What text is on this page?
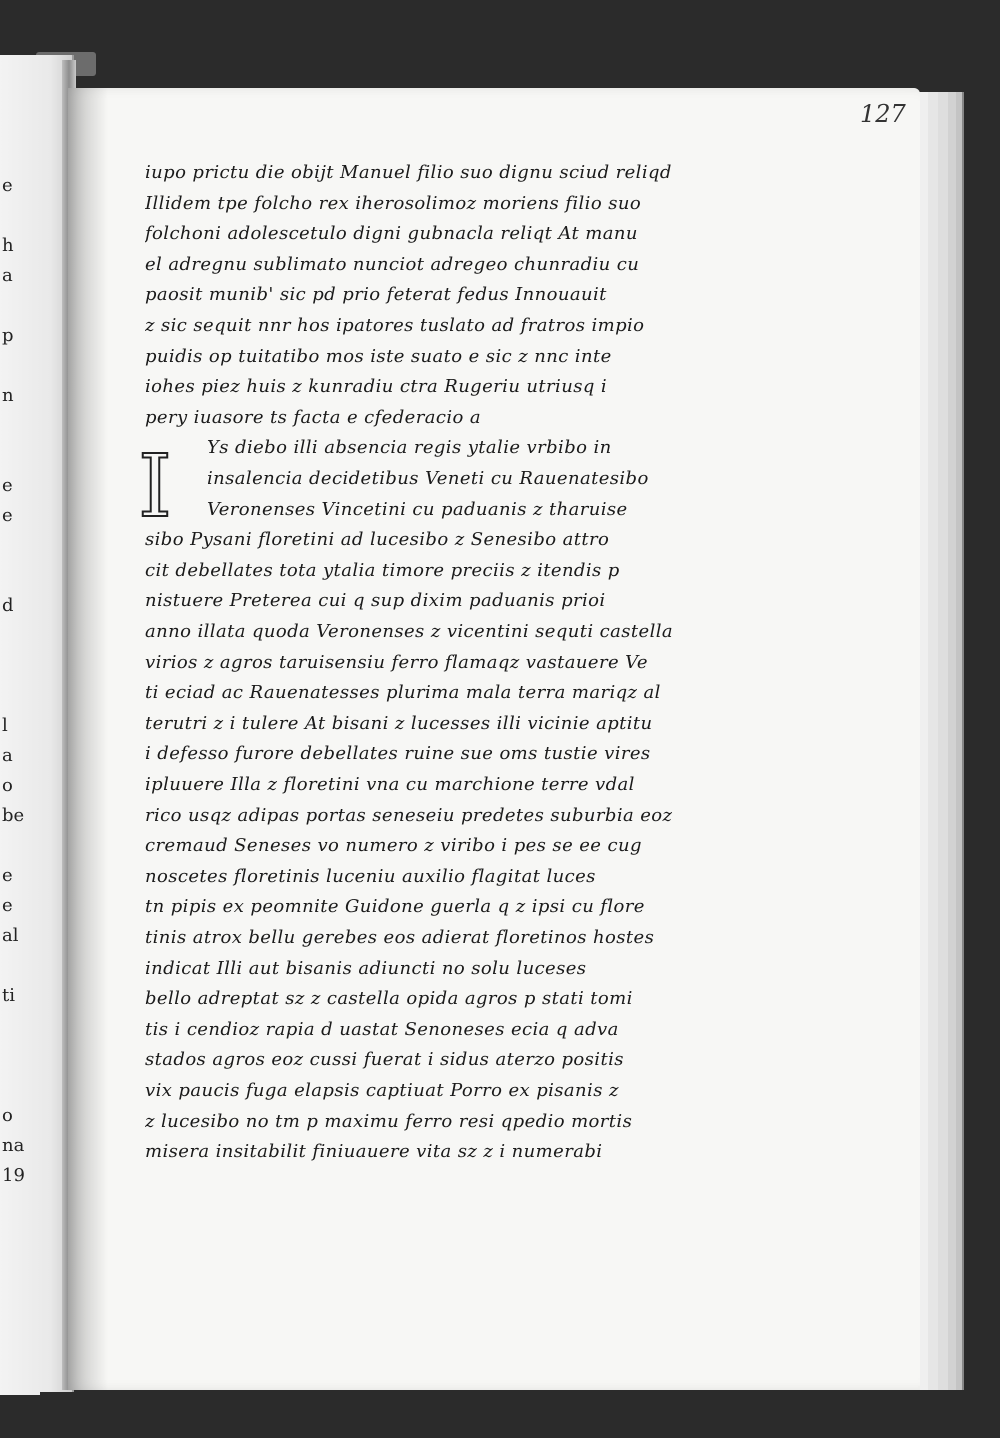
e
h
a
p
n
e
e
d
l
a
o
be
e
e
al
ti
o
na
19
127
I
iupo prictu die obijt Manuel filio suo dignu sciud reliqd
Illidem tpe folcho rex iherosolimoz moriens filio suo
folchoni adolescetulo digni gubnacla reliqt At manu
el adregnu sublimato nunciot adregeo chunradiu cu
paosit munib' sic pd prio feterat fedus Innouauit
z sic sequit nnr hos ipatores tuslato ad fratros impio
puidis op tuitatibo mos iste suato e sic z nnc inte
iohes piez huis z kunradiu ctra Rugeriu utriusq i
pery iuasore ts facta e cfederacio a
Ys diebo illi absencia regis ytalie vrbibo in
insalencia decidetibus Veneti cu Rauenatesibo
Veronenses Vincetini cu paduanis z tharuise
sibo Pysani floretini ad lucesibo z Senesibo attro
cit debellates tota ytalia timore preciis z itendis p
nistuere Preterea cui q sup dixim paduanis prioi
anno illata quoda Veronenses z vicentini sequti castella
virios z agros taruisensiu ferro flamaqz vastauere Ve
ti eciad ac Rauenatesses plurima mala terra mariqz al
terutri z i tulere At bisani z lucesses illi vicinie aptitu
i defesso furore debellates ruine sue oms tustie vires
ipluuere Illa z floretini vna cu marchione terre vdal
rico usqz adipas portas seneseiu predetes suburbia eoz
cremaud Seneses vo numero z viribo i pes se ee cug
noscetes floretinis luceniu auxilio flagitat luces
tn pipis ex peomnite Guidone guerla q z ipsi cu flore
tinis atrox bellu gerebes eos adierat floretinos hostes
indicat Illi aut bisanis adiuncti no solu luceses
bello adreptat sz z castella opida agros p stati tomi
tis i cendioz rapia d uastat Senoneses ecia q adva
stados agros eoz cussi fuerat i sidus aterzo positis
vix paucis fuga elapsis captiuat Porro ex pisanis z
z lucesibo no tm p maximu ferro resi qpedio mortis
misera insitabilit finiuauere vita sz z i numerabi
